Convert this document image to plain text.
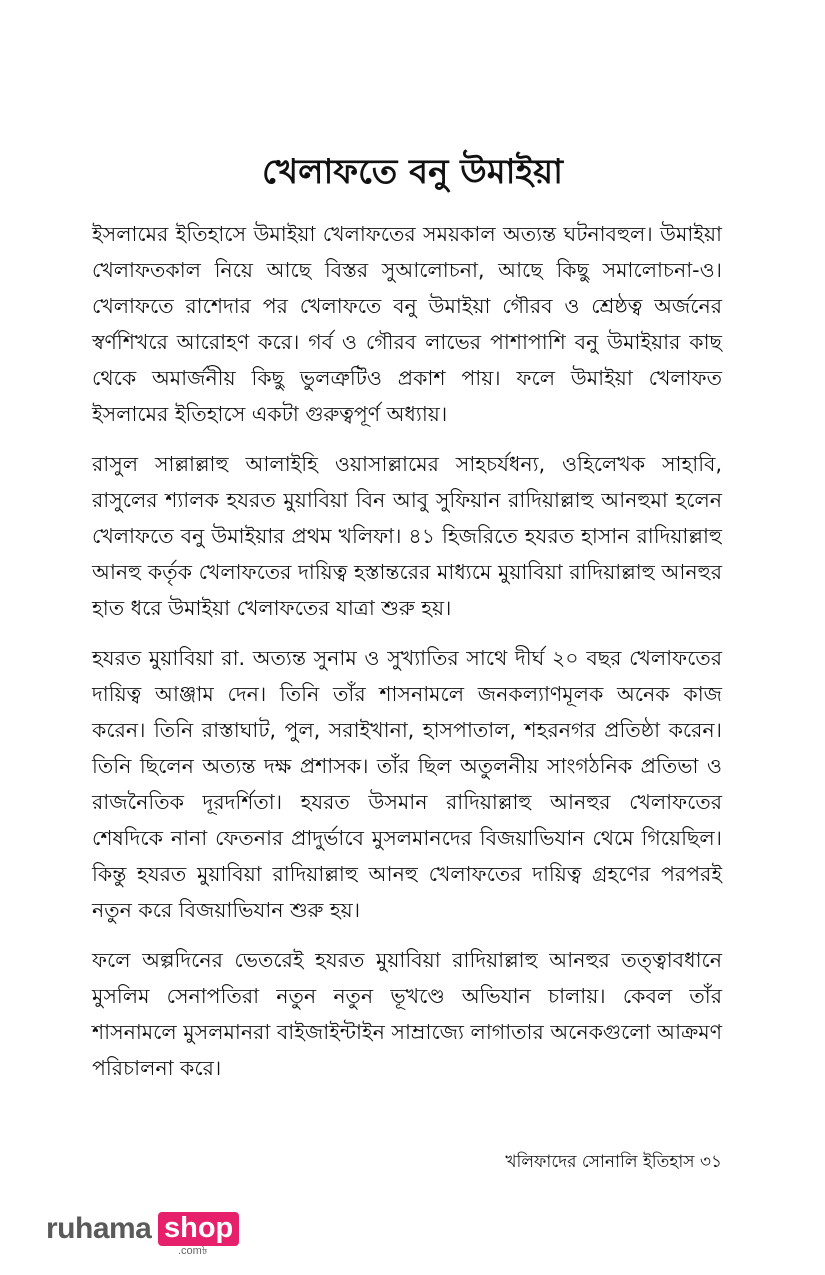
খেলাফতে বনু উমাইয়া

ইসলামের ইতিহাসে উমাইয়া খেলাফতের সময়কাল অত্যন্ত ঘটনাবহুল। উমাইয়া খেলাফতকাল নিয়ে আছে বিস্তর সুআলোচনা, আছে কিছু সমালোচনা-ও। খেলাফতে রাশেদার পর খেলাফতে বনু উমাইয়া গৌরব ও শ্রেষ্ঠত্ব অর্জনের স্বর্ণশিখরে আরোহণ করে। গর্ব ও গৌরব লাভের পাশাপাশি বনু উমাইয়ার কাছ থেকে অমার্জনীয় কিছু ভুলত্রুটিও প্রকাশ পায়। ফলে উমাইয়া খেলাফত ইসলামের ইতিহাসে একটা গুরুত্বপূর্ণ অধ্যায়।

রাসুল সাল্লাল্লাহু আলাইহি ওয়াসাল্লামের সাহচর্যধন্য, ওহিলেখক সাহাবি, রাসুলের শ্যালক হযরত মুয়াবিয়া বিন আবু সুফিয়ান রাদিয়াল্লাহু আনহুমা হলেন খেলাফতে বনু উমাইয়ার প্রথম খলিফা। ৪১ হিজরিতে হযরত হাসান রাদিয়াল্লাহু আনহু কর্তৃক খেলাফতের দায়িত্ব হস্তান্তরের মাধ্যমে মুয়াবিয়া রাদিয়াল্লাহু আনহুর হাত ধরে উমাইয়া খেলাফতের যাত্রা শুরু হয়।

হযরত মুয়াবিয়া রা. অত্যন্ত সুনাম ও সুখ্যাতির সাথে দীর্ঘ ২০ বছর খেলাফতের দায়িত্ব আঞ্জাম দেন। তিনি তাঁর শাসনামলে জনকল্যাণমূলক অনেক কাজ করেন। তিনি রাস্তাঘাট, পুল, সরাইখানা, হাসপাতাল, শহরনগর প্রতিষ্ঠা করেন। তিনি ছিলেন অত্যন্ত দক্ষ প্রশাসক। তাঁর ছিল অতুলনীয় সাংগঠনিক প্রতিভা ও রাজনৈতিক দূরদর্শিতা। হযরত উসমান রাদিয়াল্লাহু আনহুর খেলাফতের শেষদিকে নানা ফেতনার প্রাদুর্ভাবে মুসলমানদের বিজয়াভিযান থেমে গিয়েছিল। কিন্তু হযরত মুয়াবিয়া রাদিয়াল্লাহু আনহু খেলাফতের দায়িত্ব গ্রহণের পরপরই নতুন করে বিজয়াভিযান শুরু হয়।

ফলে অল্পদিনের ভেতরেই হযরত মুয়াবিয়া রাদিয়াল্লাহু আনহুর তত্ত্বাবধানে মুসলিম সেনাপতিরা নতুন নতুন ভূখণ্ডে অভিযান চালায়। কেবল তাঁর শাসনামলে মুসলমানরা বাইজাইন্টাইন সাম্রাজ্যে লাগাতার অনেকগুলো আক্রমণ পরিচালনা করে।

খলিফাদের সোনালি ইতিহাস ৩১
ruhama shop
.com৳
